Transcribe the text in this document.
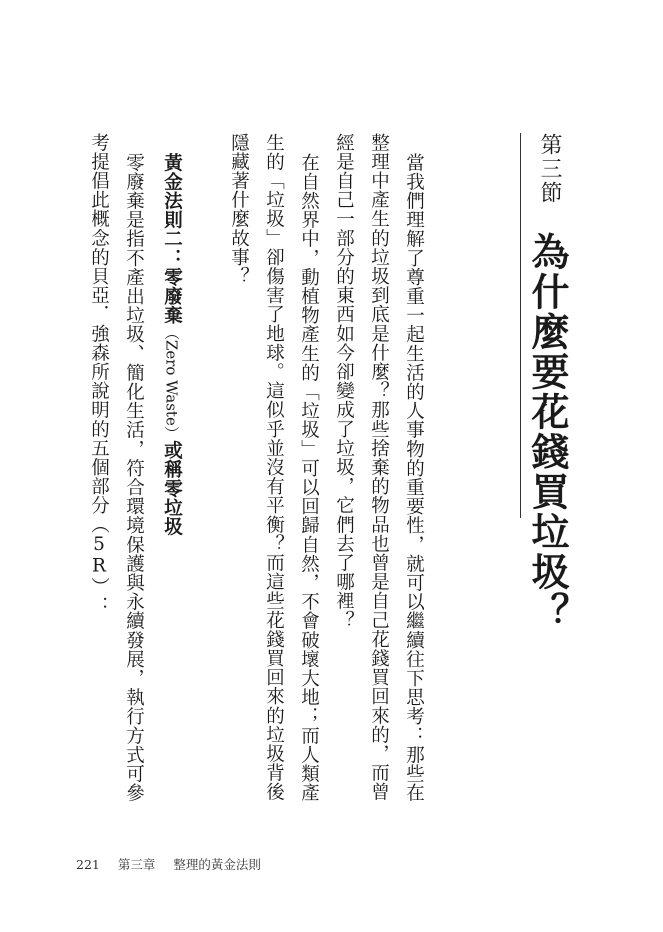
第三節
為什麼要花錢買垃圾？
當我們理解了尊重一起生活的人事物的重要性，就可以繼續往下思考：那些在
整理中產生的垃圾到底是什麼？那些捨棄的物品也曾是自己花錢買回來的，而曾
經是自己一部分的東西如今卻變成了垃圾，它們去了哪裡？
在自然界中，動植物產生的「垃圾」可以回歸自然，不會破壞大地；而人類產
生的「垃圾」卻傷害了地球。這似乎並沒有平衡？而這些花錢買回來的垃圾背後
隱藏著什麼故事？
黃金法則二：零廢棄（Zero Waste）或稱零垃圾
零廢棄是指不產出垃圾、簡化生活，符合環境保護與永續發展，執行方式可參
考提倡此概念的貝亞．強森所說明的五個部分（5R）：
221 第三章 整理的黃金法則
